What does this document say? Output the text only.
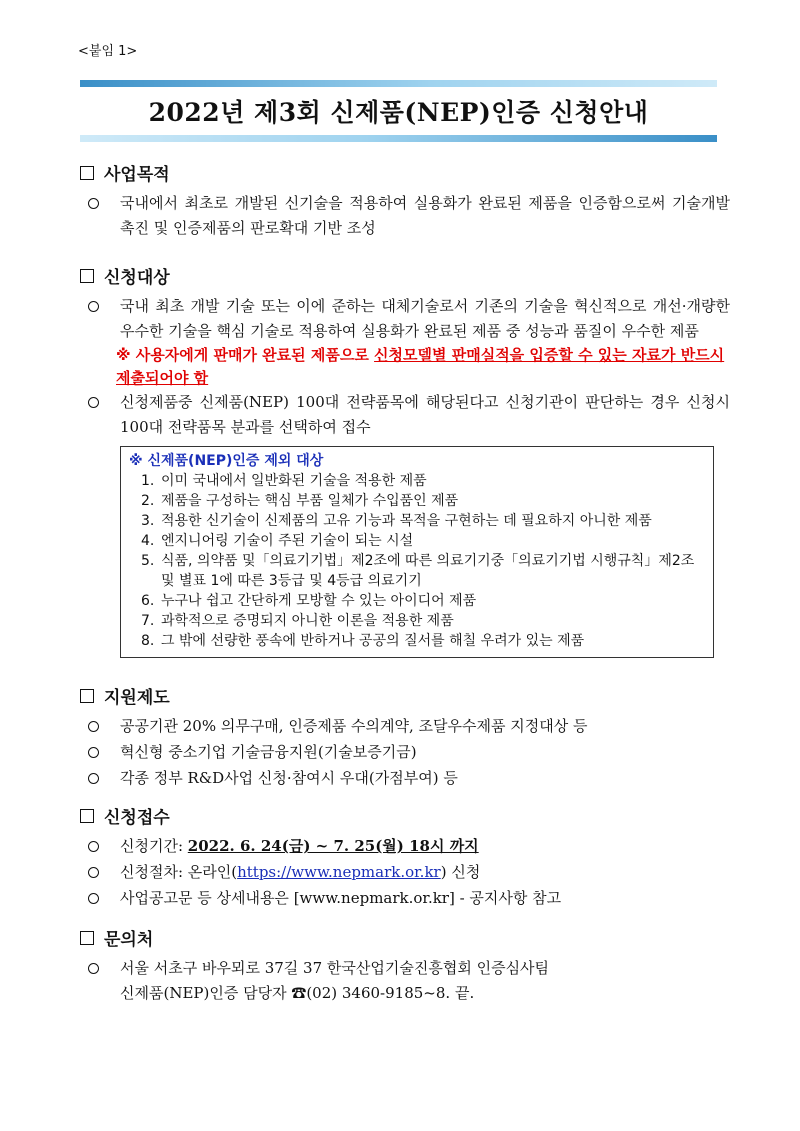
<붙임 1>
2022년 제3회 신제품(NEP)인증 신청안내
사업목적
국내에서 최초로 개발된 신기술을 적용하여 실용화가 완료된 제품을 인증함으로써 기술개발 촉진 및 인증제품의 판로확대 기반 조성
신청대상
국내 최초 개발 기술 또는 이에 준하는 대체기술로서 기존의 기술을 혁신적으로 개선·개량한 우수한 기술을 핵심 기술로 적용하여 실용화가 완료된 제품 중 성능과 품질이 우수한 제품
※ 사용자에게 판매가 완료된 제품으로 신청모델별 판매실적을 입증할 수 있는 자료가 반드시 제출되어야 함
신청제품중 신제품(NEP) 100대 전략품목에 해당된다고 신청기관이 판단하는 경우 신청시 100대 전략품목 분과를 선택하여 접수
※ 신제품(NEP)인증 제외 대상
1. 이미 국내에서 일반화된 기술을 적용한 제품
2. 제품을 구성하는 핵심 부품 일체가 수입품인 제품
3. 적용한 신기술이 신제품의 고유 기능과 목적을 구현하는 데 필요하지 아니한 제품
4. 엔지니어링 기술이 주된 기술이 되는 시설
5. 식품, 의약품 및「의료기기법」제2조에 따른 의료기기중「의료기기법 시행규칙」제2조 및 별표 1에 따른 3등급 및 4등급 의료기기
6. 누구나 쉽고 간단하게 모방할 수 있는 아이디어 제품
7. 과학적으로 증명되지 아니한 이론을 적용한 제품
8. 그 밖에 선량한 풍속에 반하거나 공공의 질서를 해칠 우려가 있는 제품
지원제도
공공기관 20% 의무구매, 인증제품 수의계약, 조달우수제품 지정대상 등
혁신형 중소기업 기술금융지원(기술보증기금)
각종 정부 R&D사업 신청·참여시 우대(가점부여) 등
신청접수
신청기간: 2022. 6. 24(금) ~ 7. 25(월) 18시 까지
신청절차: 온라인(https://www.nepmark.or.kr) 신청
사업공고문 등 상세내용은 [www.nepmark.or.kr] - 공지사항 참고
문의처
서울 서초구 바우뫼로 37길 37 한국산업기술진흥협회 인증심사팀
신제품(NEP)인증 담당자 ☎(02) 3460-9185~8. 끝.
